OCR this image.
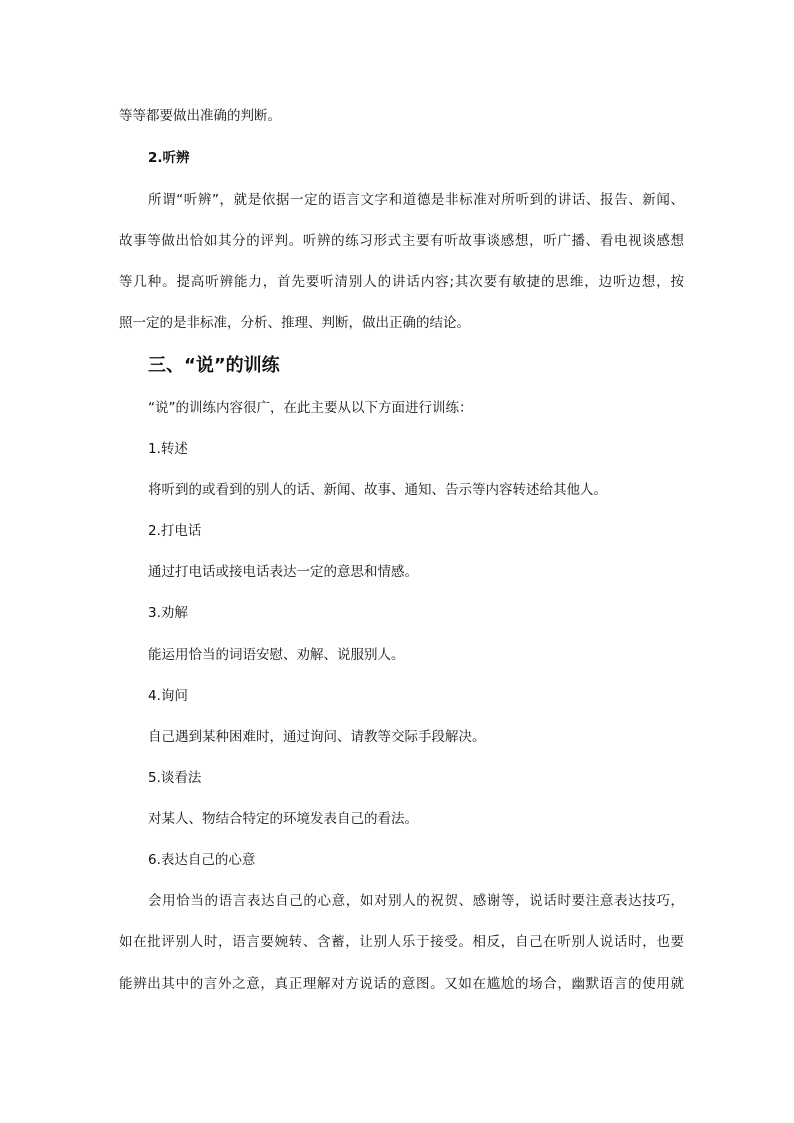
等等都要做出准确的判断。
2.听辨
所谓“听辨”，就是依据一定的语言文字和道德是非标准对所听到的讲话、报告、新闻、
故事等做出恰如其分的评判。听辨的练习形式主要有听故事谈感想，听广播、看电视谈感想
等几种。提高听辨能力，首先要听清别人的讲话内容;其次要有敏捷的思维，边听边想，按
照一定的是非标准，分析、推理、判断，做出正确的结论。
三、“说”的训练
“说”的训练内容很广，在此主要从以下方面进行训练：
1.转述
将听到的或看到的别人的话、新闻、故事、通知、告示等内容转述给其他人。
2.打电话
通过打电话或接电话表达一定的意思和情感。
3.劝解
能运用恰当的词语安慰、劝解、说服别人。
4.询问
自己遇到某种困难时，通过询问、请教等交际手段解决。
5.谈看法
对某人、物结合特定的环境发表自己的看法。
6.表达自己的心意
会用恰当的语言表达自己的心意，如对别人的祝贺、感谢等，说话时要注意表达技巧，
如在批评别人时，语言要婉转、含蓄，让别人乐于接受。相反，自己在听别人说话时，也要
能辨出其中的言外之意，真正理解对方说话的意图。又如在尴尬的场合，幽默语言的使用就
